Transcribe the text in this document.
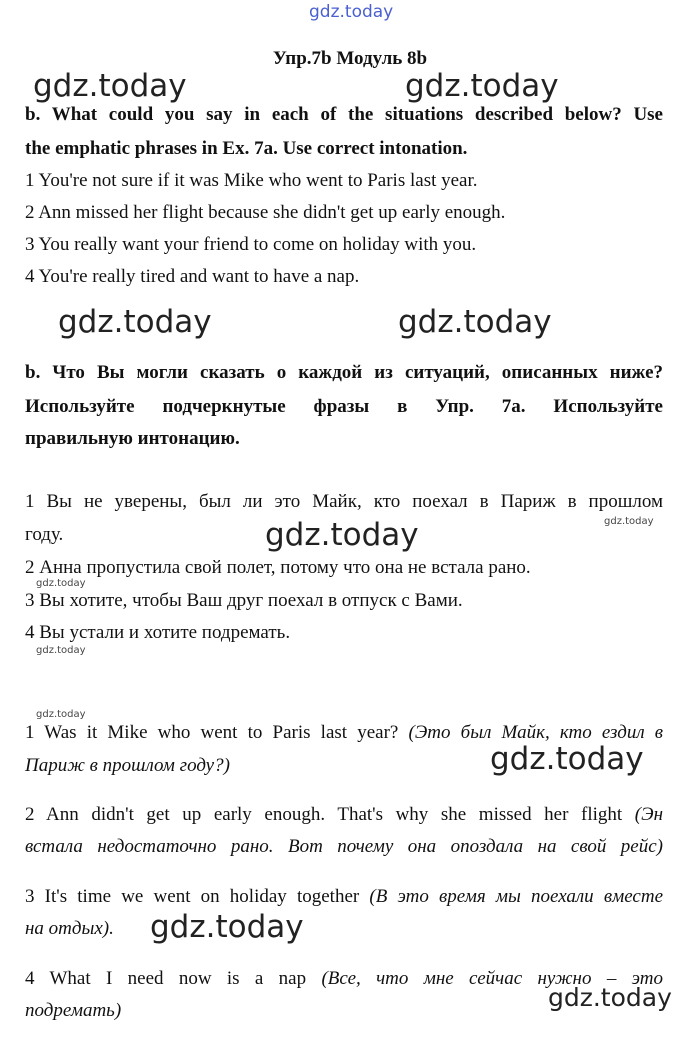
gdz.today
gdz.today	gdz.today
gdz.today	gdz.today
gdz.today
gdz.today
gdz.today
gdz.today
gdz.today
gdz.today
gdz.today
gdz.today
Упр.7b Модуль 8b
b. What could you say in each of the situations described below? Use
the emphatic phrases in Ex. 7a. Use correct intonation.
1 You're not sure if it was Mike who went to Paris last year.
2 Ann missed her flight because she didn't get up early enough.
3 You really want your friend to come on holiday with you.
4 You're really tired and want to have a nap.
b. Что Вы могли сказать о каждой из ситуаций, описанных ниже?
Используйте подчеркнутые фразы в Упр. 7a. Используйте
правильную интонацию.
1 Вы не уверены, был ли это Майк, кто поехал в Париж в прошлом
году.
2 Анна пропустила свой полет, потому что она не встала рано.
3 Вы хотите, чтобы Ваш друг поехал в отпуск с Вами.
4 Вы устали и хотите подремать.
1 Was it Mike who went to Paris last year? (Это был Майк, кто ездил в
Париж в прошлом году?)
2 Ann didn't get up early enough. That's why she missed her flight (Эн
встала недостаточно рано. Вот почему она опоздала на свой рейс)
3 It's time we went on holiday together (В это время мы поехали вместе
на отдых).
4 What I need now is a nap (Все, что мне сейчас нужно – это
подремать)
